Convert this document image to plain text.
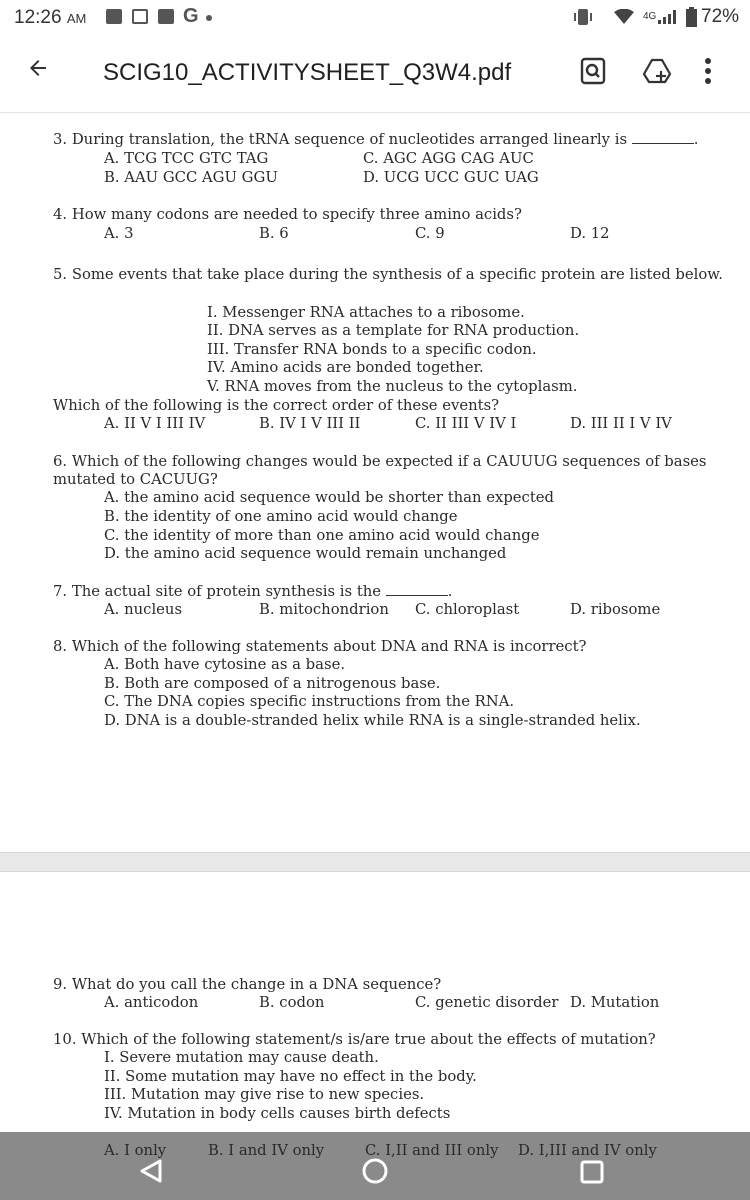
12:26 AM	G	4G 72%
SCIG10_ACTIVITYSHEET_Q3W4.pdf
3. During translation, the tRNA sequence of nucleotides arranged linearly is	.
A. TCG TCC GTC TAG	C. AGC AGG CAG AUC
B. AAU GCC AGU GGU	D. UCG UCC GUC UAG
4. How many codons are needed to specify three amino acids?
A. 3	B. 6	C. 9	D. 12
5. Some events that take place during the synthesis of a specific protein are listed below.
I. Messenger RNA attaches to a ribosome.
II. DNA serves as a template for RNA production.
III. Transfer RNA bonds to a specific codon.
IV. Amino acids are bonded together.
V. RNA moves from the nucleus to the cytoplasm.
Which of the following is the correct order of these events?
A. II V I III IV	B. IV I V III II	C. II III V IV I	D. III II I V IV
6. Which of the following changes would be expected if a CAUUUG sequences of bases
mutated to CACUUG?
A. the amino acid sequence would be shorter than expected
B. the identity of one amino acid would change
C. the identity of more than one amino acid would change
D. the amino acid sequence would remain unchanged
7. The actual site of protein synthesis is the	.
A. nucleus	B. mitochondrion C. chloroplast	D. ribosome
8. Which of the following statements about DNA and RNA is incorrect?
A. Both have cytosine as a base.
B. Both are composed of a nitrogenous base.
C. The DNA copies specific instructions from the RNA.
D. DNA is a double-stranded helix while RNA is a single-stranded helix.
9. What do you call the change in a DNA sequence?
A. anticodon	B. codon	C. genetic disorder D. Mutation
10. Which of the following statement/s is/are true about the effects of mutation?
I. Severe mutation may cause death.
II. Some mutation may have no effect in the body.
III. Mutation may give rise to new species.
IV. Mutation in body cells causes birth defects
A. I only	B. I and IV only	C. I,II and III only D. I,III and IV only
